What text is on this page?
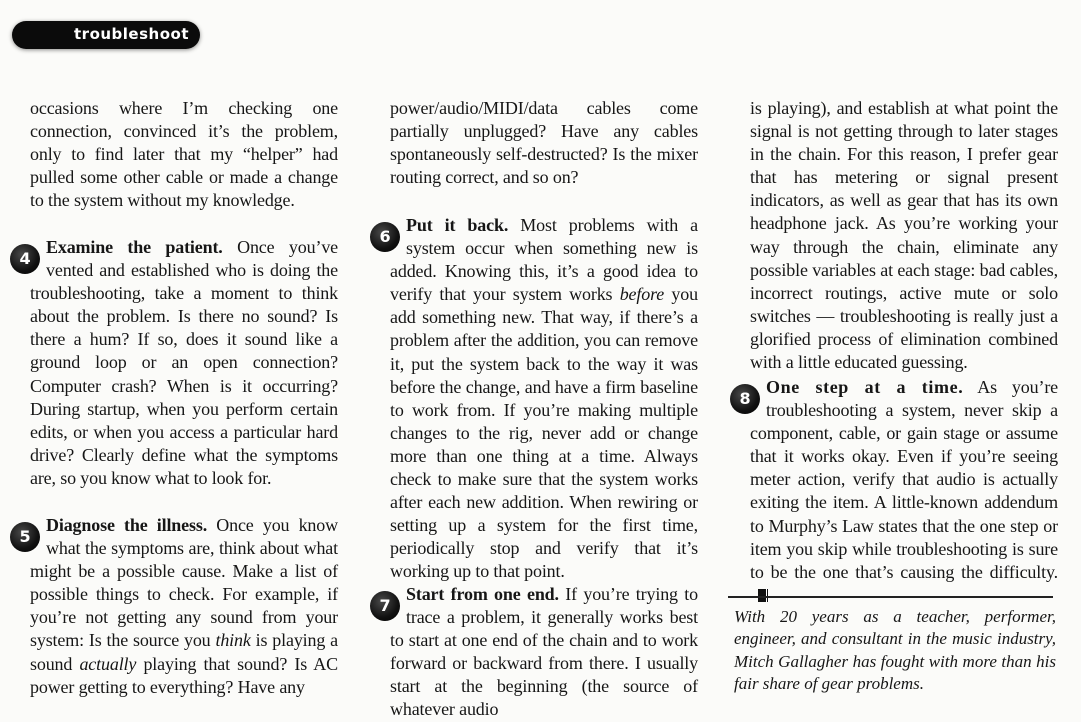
troubleshoot

occasions where I’m checking one connection, convinced it’s the problem, only to find later that my “helper” had pulled some other cable or made a change to the system without my knowledge.

4
Examine the patient. Once you’ve vented and established who is doing the troubleshooting, take a moment to think about the problem. Is there no sound? Is there a hum? If so, does it sound like a ground loop or an open connection? Computer crash? When is it occurring? During startup, when you perform certain edits, or when you access a particular hard drive? Clearly define what the symptoms are, so you know what to look for.

5
Diagnose the illness. Once you know what the symptoms are, think about what might be a possible cause. Make a list of possible things to check. For example, if you’re not getting any sound from your system: Is the source you think is playing a sound actually playing that sound? Is AC power getting to everything? Have any

power/audio/MIDI/data cables come partially unplugged? Have any cables spontaneously self-destructed? Is the mixer routing correct, and so on?

6
Put it back. Most problems with a system occur when something new is added. Knowing this, it’s a good idea to verify that your system works before you add something new. That way, if there’s a problem after the addition, you can remove it, put the system back to the way it was before the change, and have a firm baseline to work from. If you’re making multiple changes to the rig, never add or change more than one thing at a time. Always check to make sure that the system works after each new addition. When rewiring or setting up a system for the first time, periodically stop and verify that it’s working up to that point.

7
Start from one end. If you’re trying to trace a problem, it generally works best to start at one end of the chain and to work forward or backward from there. I usually start at the beginning (the source of whatever audio

is playing), and establish at what point the signal is not getting through to later stages in the chain. For this reason, I prefer gear that has metering or signal present indicators, as well as gear that has its own headphone jack. As you’re working your way through the chain, eliminate any possible variables at each stage: bad cables, incorrect routings, active mute or solo switches — troubleshooting is really just a glorified process of elimination combined with a little educated guessing.

8
One step at a time. As you’re troubleshooting a system, never skip a component, cable, or gain stage or assume that it works okay. Even if you’re seeing meter action, verify that audio is actually exiting the item. A little-known addendum to Murphy’s Law states that the one step or item you skip while troubleshooting is sure to be the one that’s causing the difficulty.

With 20 years as a teacher, performer, engineer, and consultant in the music industry, Mitch Gallagher has fought with more than his fair share of gear problems.
